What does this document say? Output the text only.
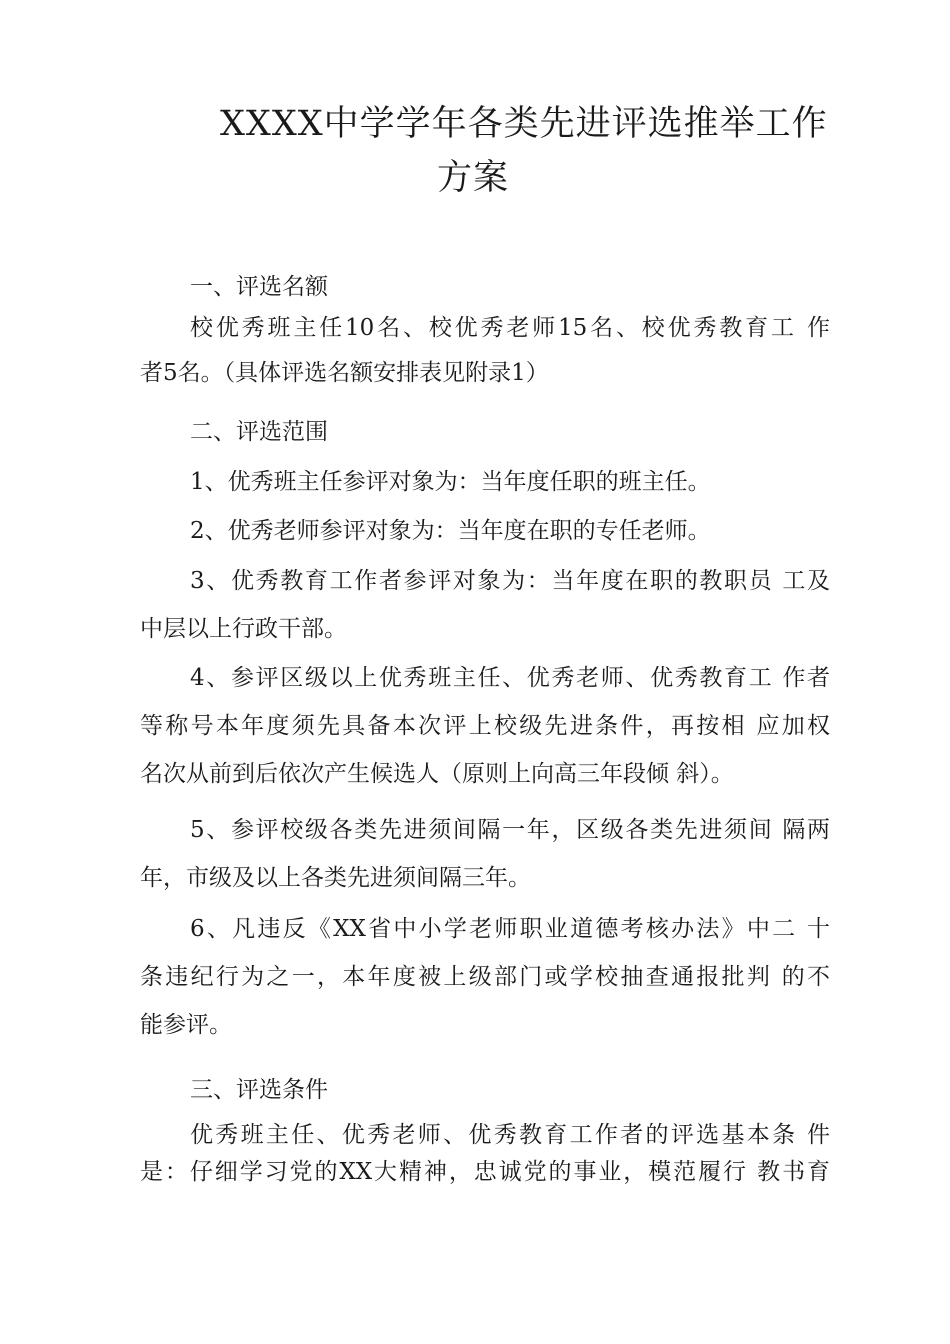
XXXX中学学年各类先进评选推举工作
方案
一、评选名额
校优秀班主任10名、校优秀老师15名、校优秀教育工 作
者5名。（具体评选名额安排表见附录1）
二、评选范围
1、优秀班主任参评对象为：当年度任职的班主任。
2、优秀老师参评对象为：当年度在职的专任老师。
3、优秀教育工作者参评对象为：当年度在职的教职员 工及
中层以上行政干部。
4、参评区级以上优秀班主任、优秀老师、优秀教育工 作者
等称号本年度须先具备本次评上校级先进条件，再按相 应加权
名次从前到后依次产生候选人（原则上向高三年段倾 斜）。
5、参评校级各类先进须间隔一年，区级各类先进须间 隔两
年，市级及以上各类先进须间隔三年。
6、凡违反《XX省中小学老师职业道德考核办法》中二 十
条违纪行为之一，本年度被上级部门或学校抽查通报批判 的不
能参评。
三、评选条件
优秀班主任、优秀老师、优秀教育工作者的评选基本条 件
是：仔细学习党的XX大精神，忠诚党的事业，模范履行 教书育
